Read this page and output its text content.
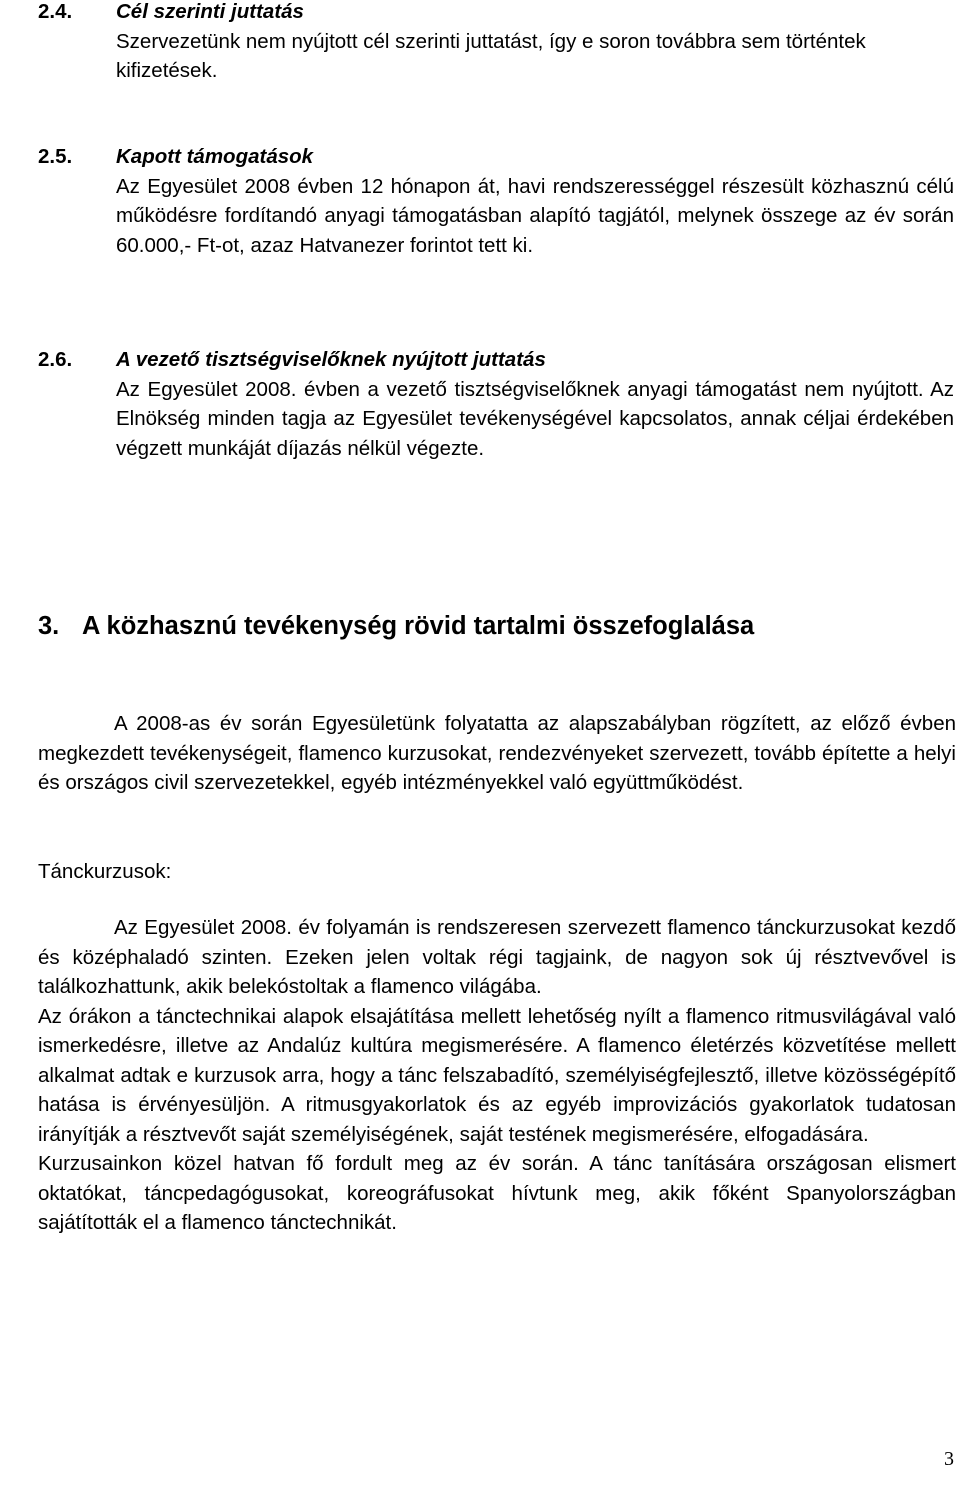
2.4. Cél szerinti juttatás

Szervezetünk nem nyújtott cél szerinti juttatást, így e soron továbbra sem történtek kifizetések.

2.5. Kapott támogatások

Az Egyesület 2008 évben 12 hónapon át, havi rendszerességgel részesült közhasznú célú működésre fordítandó anyagi támogatásban alapító tagjától, melynek összege az év során 60.000,- Ft-ot, azaz Hatvanezer forintot tett ki.

2.6. A vezető tisztségviselőknek nyújtott juttatás

Az Egyesület 2008. évben a vezető tisztségviselőknek anyagi támogatást nem nyújtott. Az Elnökség minden tagja az Egyesület tevékenységével kapcsolatos, annak céljai érdekében végzett munkáját díjazás nélkül végezte.

3. A közhasznú tevékenység rövid tartalmi összefoglalása

A 2008-as év során Egyesületünk folyatatta az alapszabályban rögzített, az előző évben megkezdett tevékenységeit, flamenco kurzusokat, rendezvényeket szervezett, tovább építette a helyi és országos civil szervezetekkel, egyéb intézményekkel való együttműködést.

Tánckurzusok:

Az Egyesület 2008. év folyamán is rendszeresen szervezett flamenco tánckurzusokat kezdő és középhaladó szinten. Ezeken jelen voltak régi tagjaink, de nagyon sok új résztvevővel is találkozhattunk, akik belekóstoltak a flamenco világába.

Az órákon a tánctechnikai alapok elsajátítása mellett lehetőség nyílt a flamenco ritmusvilágával való ismerkedésre, illetve az Andalúz kultúra megismerésére. A flamenco életérzés közvetítése mellett alkalmat adtak e kurzusok arra, hogy a tánc felszabadító, személyiségfejlesztő, illetve közösségépítő hatása is érvényesüljön. A ritmusgyakorlatok és az egyéb improvizációs gyakorlatok tudatosan irányítják a résztvevőt saját személyiségének, saját testének megismerésére, elfogadására.

Kurzusainkon közel hatvan fő fordult meg az év során. A tánc tanítására országosan elismert oktatókat, táncpedagógusokat, koreográfusokat hívtunk meg, akik főként Spanyolországban sajátították el a flamenco tánctechnikát.

3
